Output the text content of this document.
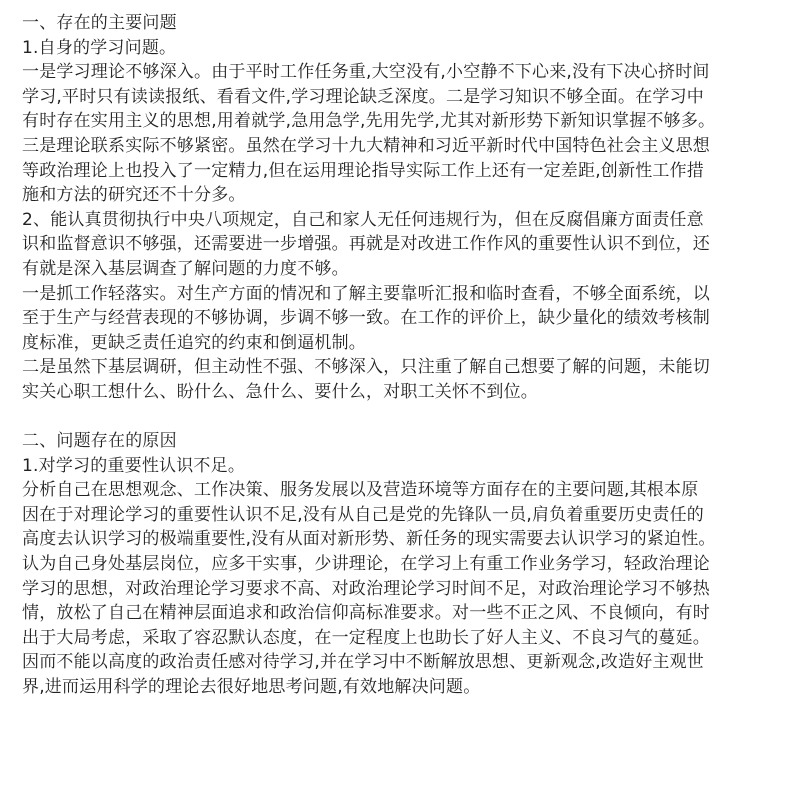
一、存在的主要问题
1.自身的学习问题。
一是学习理论不够深入。由于平时工作任务重,大空没有,小空静不下心来,没有下决心挤时间
学习,平时只有读读报纸、看看文件,学习理论缺乏深度。二是学习知识不够全面。在学习中
有时存在实用主义的思想,用着就学,急用急学,先用先学,尤其对新形势下新知识掌握不够多。
三是理论联系实际不够紧密。虽然在学习十九大精神和习近平新时代中国特色社会主义思想
等政治理论上也投入了一定精力,但在运用理论指导实际工作上还有一定差距,创新性工作措
施和方法的研究还不十分多。
2、能认真贯彻执行中央八项规定，自己和家人无任何违规行为，但在反腐倡廉方面责任意
识和监督意识不够强，还需要进一步增强。再就是对改进工作作风的重要性认识不到位，还
有就是深入基层调查了解问题的力度不够。
一是抓工作轻落实。对生产方面的情况和了解主要靠听汇报和临时查看，不够全面系统，以
至于生产与经营表现的不够协调，步调不够一致。在工作的评价上，缺少量化的绩效考核制
度标准，更缺乏责任追究的约束和倒逼机制。
二是虽然下基层调研，但主动性不强、不够深入，只注重了解自己想要了解的问题，未能切
实关心职工想什么、盼什么、急什么、要什么，对职工关怀不到位。
二、问题存在的原因
1.对学习的重要性认识不足。
分析自己在思想观念、工作决策、服务发展以及营造环境等方面存在的主要问题,其根本原
因在于对理论学习的重要性认识不足,没有从自己是党的先锋队一员,肩负着重要历史责任的
高度去认识学习的极端重要性,没有从面对新形势、新任务的现实需要去认识学习的紧迫性。
认为自己身处基层岗位，应多干实事，少讲理论，在学习上有重工作业务学习，轻政治理论
学习的思想，对政治理论学习要求不高、对政治理论学习时间不足，对政治理论学习不够热
情，放松了自己在精神层面追求和政治信仰高标准要求。对一些不正之风、不良倾向，有时
出于大局考虑，采取了容忍默认态度，在一定程度上也助长了好人主义、不良习气的蔓延。
因而不能以高度的政治责任感对待学习,并在学习中不断解放思想、更新观念,改造好主观世
界,进而运用科学的理论去很好地思考问题,有效地解决问题。
